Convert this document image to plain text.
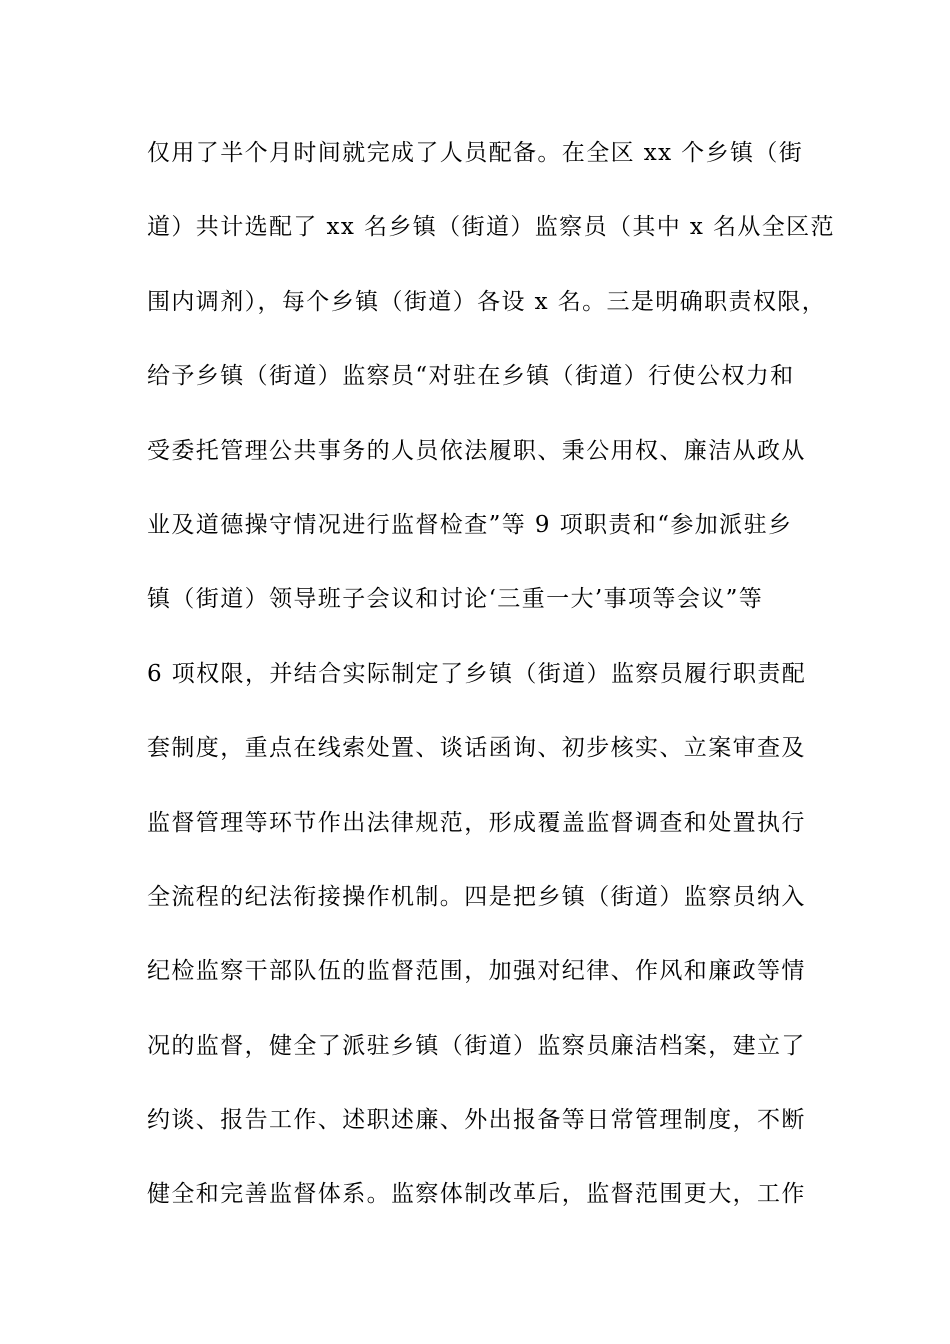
仅用了半个月时间就完成了人员配备。在全区 xx 个乡镇（街
道）共计选配了 xx 名乡镇（街道）监察员（其中 x 名从全区范
围内调剂），每个乡镇（街道）各设 x 名。三是明确职责权限，
给予乡镇（街道）监察员“对驻在乡镇（街道）行使公权力和
受委托管理公共事务的人员依法履职、秉公用权、廉洁从政从
业及道德操守情况进行监督检查”等 9 项职责和“参加派驻乡
镇（街道）领导班子会议和讨论‘三重一大’事项等会议”等
6 项权限，并结合实际制定了乡镇（街道）监察员履行职责配
套制度，重点在线索处置、谈话函询、初步核实、立案审查及
监督管理等环节作出法律规范，形成覆盖监督调查和处置执行
全流程的纪法衔接操作机制。四是把乡镇（街道）监察员纳入
纪检监察干部队伍的监督范围，加强对纪律、作风和廉政等情
况的监督，健全了派驻乡镇（街道）监察员廉洁档案，建立了
约谈、报告工作、述职述廉、外出报备等日常管理制度，不断
健全和完善监督体系。监察体制改革后，监督范围更大，工作
